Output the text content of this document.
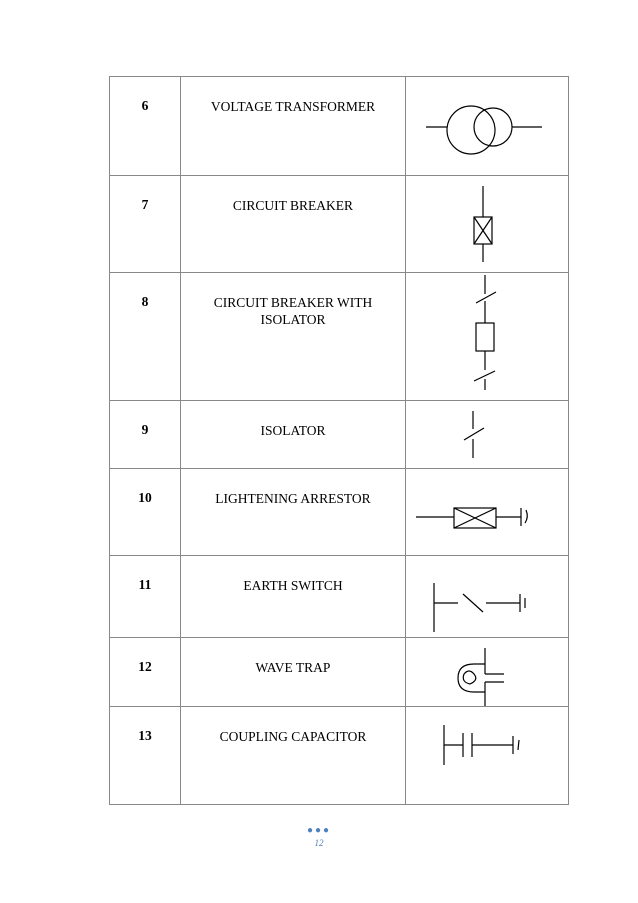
6	VOLTAGE TRANSFORMER

7	CIRCUIT BREAKER

8	CIRCUIT BREAKER WITH ISOLATOR

9	ISOLATOR

10	LIGHTENING ARRESTOR

11	EARTH SWITCH

12	WAVE TRAP

13	COUPLING CAPACITOR

●●●
12
